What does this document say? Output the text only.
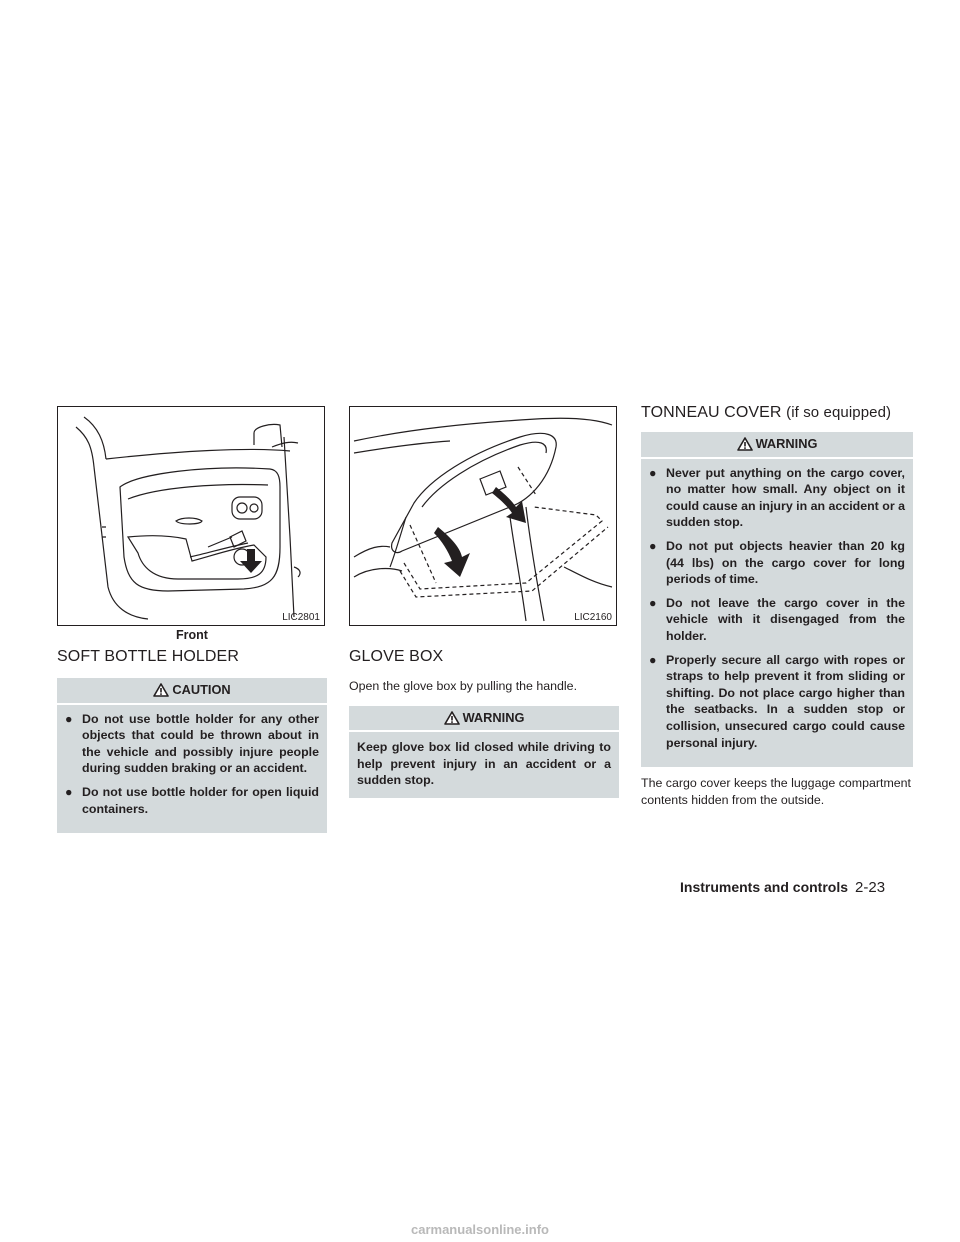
LIC2801
Front
SOFT BOTTLE HOLDER
CAUTION
● Do not use bottle holder for any other objects that could be thrown about in the vehicle and possibly injure people during sudden braking or an accident.
● Do not use bottle holder for open liquid containers.
LIC2160
GLOVE BOX

Open the glove box by pulling the handle.

WARNING

Keep glove box lid closed while driving to help prevent injury in an accident or a sudden stop.

TONNEAU COVER (if so equipped)
WARNING
● Never put anything on the cargo cover, no matter how small. Any object on it could cause an injury in an accident or a sudden stop.
● Do not put objects heavier than 20 kg (44 lbs) on the cargo cover for long periods of time.
● Do not leave the cargo cover in the vehicle with it disengaged from the holder.
● Properly secure all cargo with ropes or straps to help prevent it from sliding or shifting. Do not place cargo higher than the seatbacks. In a sudden stop or collision, unsecured cargo could cause personal injury.

The cargo cover keeps the luggage compartment contents hidden from the outside.

Instruments and controls 2-23
carmanualsonline.info
